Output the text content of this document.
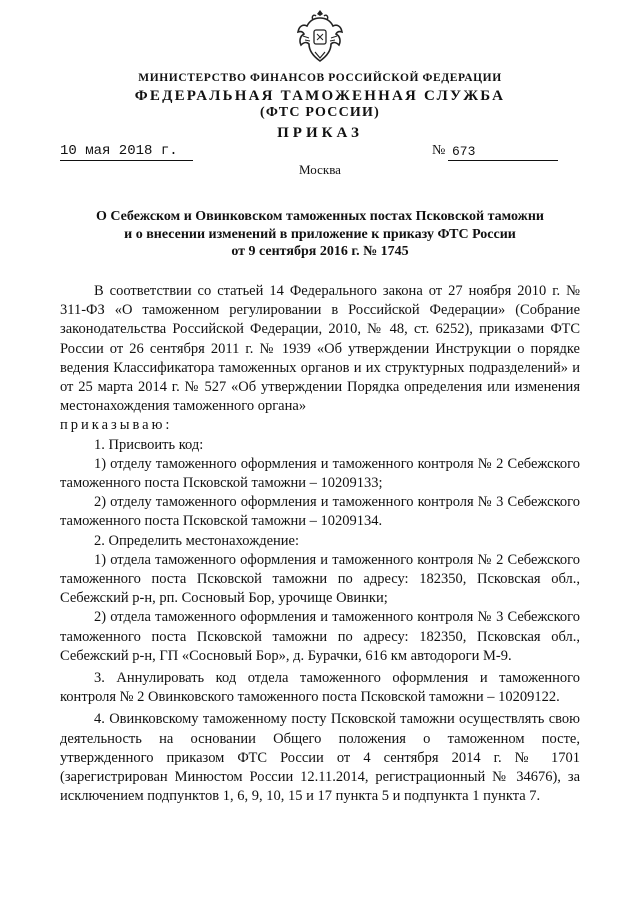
МИНИСТЕРСТВО ФИНАНСОВ РОССИЙСКОЙ ФЕДЕРАЦИИ
ФЕДЕРАЛЬНАЯ ТАМОЖЕННАЯ СЛУЖБА
(ФТС РОССИИ)
ПРИКАЗ
10 мая 2018 г.	№ 673
Москва
О Себежском и Овинковском таможенных постах Псковской таможни
и о внесении изменений в приложение к приказу ФТС России
от 9 сентября 2016 г. № 1745

В соответствии со статьей 14 Федерального закона от 27 ноября 2010 г. № 311-ФЗ «О таможенном регулировании в Российской Федерации» (Собрание законодательства Российской Федерации, 2010, № 48, ст. 6252), приказами ФТС России от 26 сентября 2011 г. № 1939 «Об утверждении Инструкции о порядке ведения Классификатора таможенных органов и их структурных подразделений» и от 25 марта 2014 г. № 527 «Об утверждении Порядка определения или изменения местонахождения таможенного органа»

приказываю:

1. Присвоить код:

1) отделу таможенного оформления и таможенного контроля № 2 Себежского таможенного поста Псковской таможни – 10209133;

2) отделу таможенного оформления и таможенного контроля № 3 Себежского таможенного поста Псковской таможни – 10209134.

2. Определить местонахождение:

1) отдела таможенного оформления и таможенного контроля № 2 Себежского таможенного поста Псковской таможни по адресу: 182350, Псковская обл., Себежский р-н, рп. Сосновый Бор, урочище Овинки;

2) отдела таможенного оформления и таможенного контроля № 3 Себежского таможенного поста Псковской таможни по адресу: 182350, Псковская обл., Себежский р-н, ГП «Сосновый Бор», д. Бурачки, 616 км автодороги М-9.

3. Аннулировать код отдела таможенного оформления и таможенного контроля № 2 Овинковского таможенного поста Псковской таможни – 10209122.

4. Овинковскому таможенному посту Псковской таможни осуществлять свою деятельность на основании Общего положения о таможенном посте, утвержденного приказом ФТС России от 4 сентября 2014 г. № 1701 (зарегистрирован Минюстом России 12.11.2014, регистрационный № 34676), за исключением подпунктов 1, 6, 9, 10, 15 и 17 пункта 5 и подпункта 1 пункта 7.
